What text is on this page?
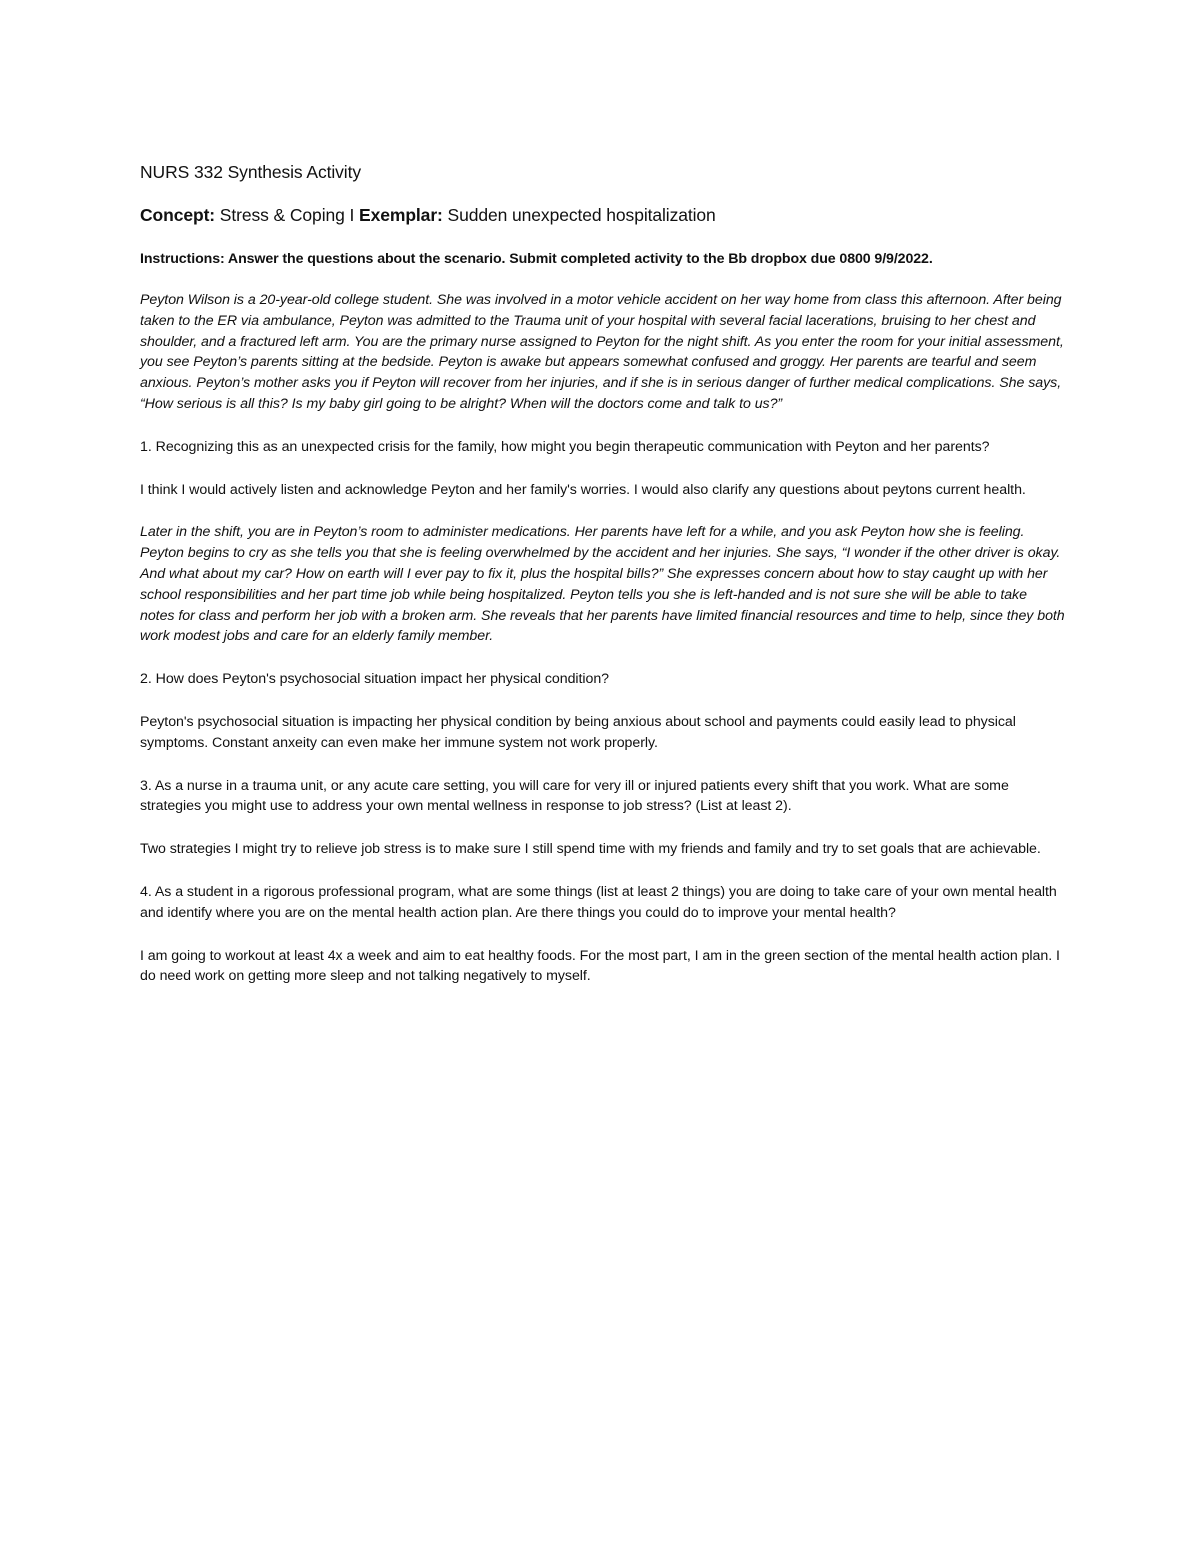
NURS 332 Synthesis Activity
Concept: Stress & Coping I Exemplar: Sudden unexpected hospitalization
Instructions: Answer the questions about the scenario. Submit completed activity to the Bb dropbox due 0800 9/9/2022.

Peyton Wilson is a 20-year-old college student. She was involved in a motor vehicle accident on her way home from class this afternoon. After being taken to the ER via ambulance, Peyton was admitted to the Trauma unit of your hospital with several facial lacerations, bruising to her chest and shoulder, and a fractured left arm. You are the primary nurse assigned to Peyton for the night shift. As you enter the room for your initial assessment, you see Peyton’s parents sitting at the bedside. Peyton is awake but appears somewhat confused and groggy. Her parents are tearful and seem anxious. Peyton’s mother asks you if Peyton will recover from her injuries, and if she is in serious danger of further medical complications. She says, “How serious is all this? Is my baby girl going to be alright? When will the doctors come and talk to us?”

1. Recognizing this as an unexpected crisis for the family, how might you begin therapeutic communication with Peyton and her parents?

I think I would actively listen and acknowledge Peyton and her family's worries. I would also clarify any questions about peytons current health.

Later in the shift, you are in Peyton’s room to administer medications. Her parents have left for a while, and you ask Peyton how she is feeling. Peyton begins to cry as she tells you that she is feeling overwhelmed by the accident and her injuries. She says, “I wonder if the other driver is okay. And what about my car? How on earth will I ever pay to fix it, plus the hospital bills?” She expresses concern about how to stay caught up with her school responsibilities and her part time job while being hospitalized. Peyton tells you she is left-handed and is not sure she will be able to take notes for class and perform her job with a broken arm. She reveals that her parents have limited financial resources and time to help, since they both work modest jobs and care for an elderly family member.

2. How does Peyton's psychosocial situation impact her physical condition?

Peyton's psychosocial situation is impacting her physical condition by being anxious about school and payments could easily lead to physical symptoms. Constant anxeity can even make her immune system not work properly.

3. As a nurse in a trauma unit, or any acute care setting, you will care for very ill or injured patients every shift that you work. What are some strategies you might use to address your own mental wellness in response to job stress? (List at least 2).

Two strategies I might try to relieve job stress is to make sure I still spend time with my friends and family and try to set goals that are achievable.

4. As a student in a rigorous professional program, what are some things (list at least 2 things) you are doing to take care of your own mental health and identify where you are on the mental health action plan. Are there things you could do to improve your mental health?

I am going to workout at least 4x a week and aim to eat healthy foods. For the most part, I am in the green section of the mental health action plan. I do need work on getting more sleep and not talking negatively to myself.
